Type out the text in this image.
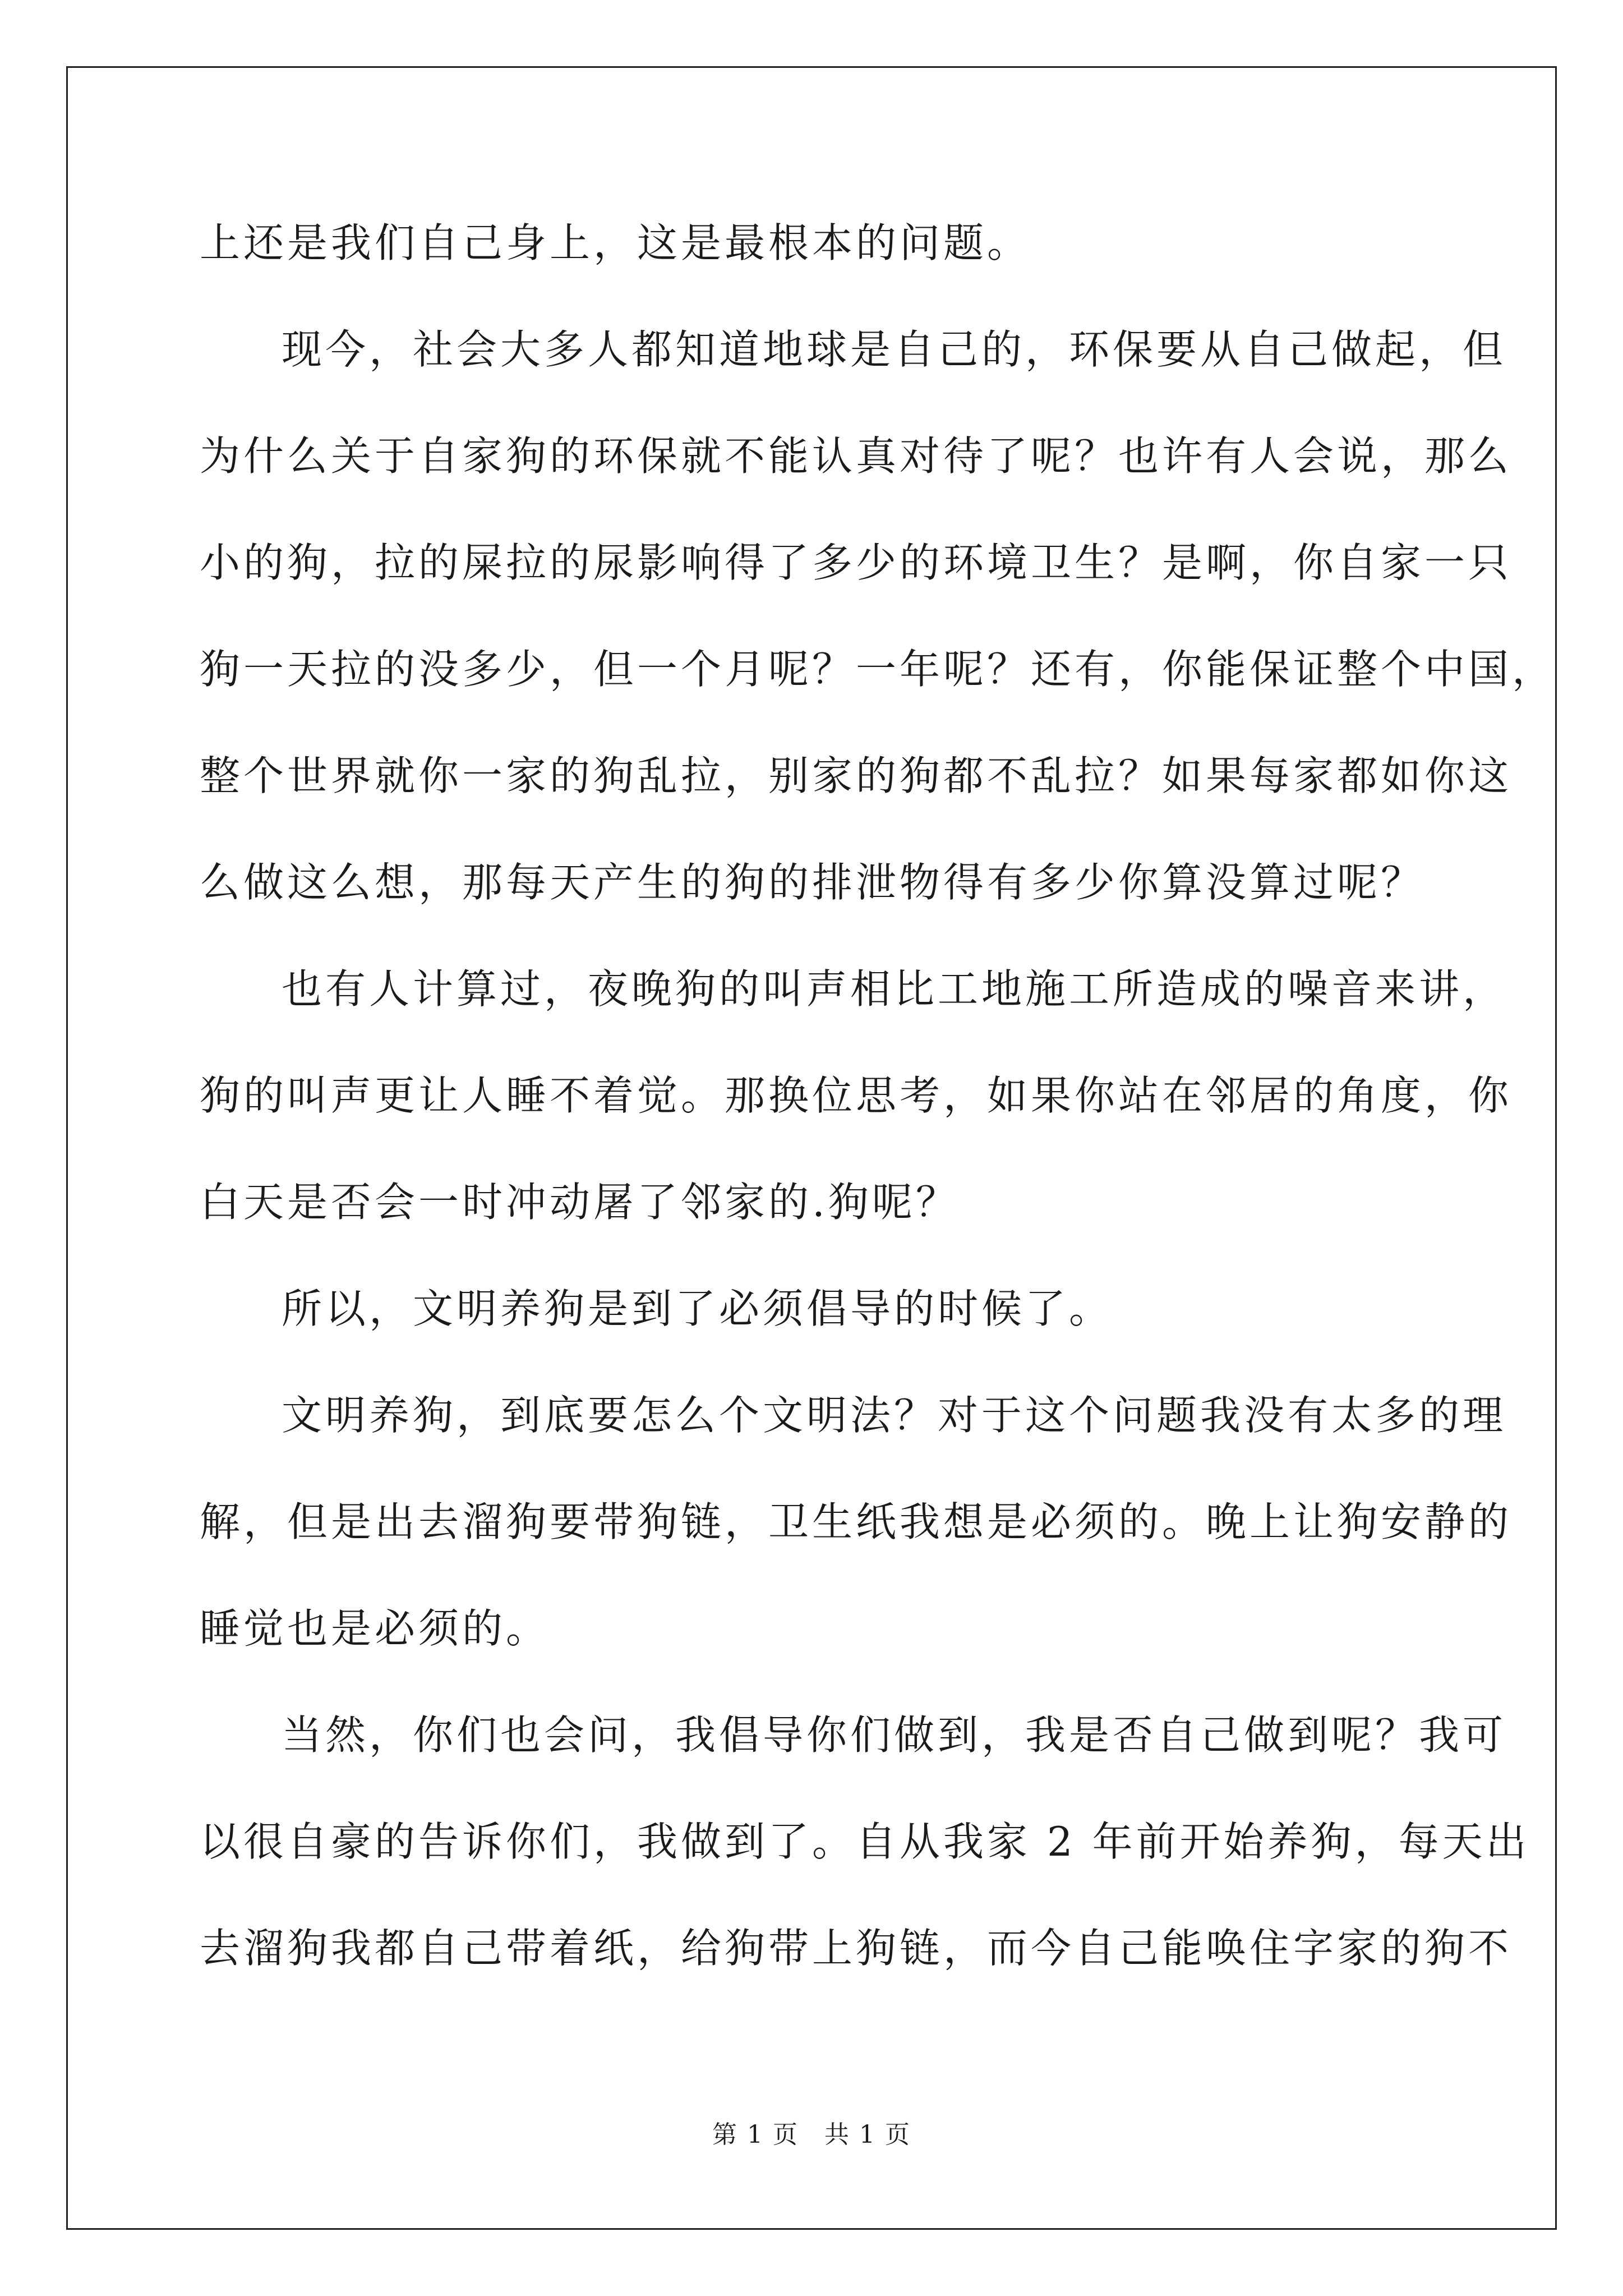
上还是我们自己身上，这是最根本的问题。
现今，社会大多人都知道地球是自己的，环保要从自己做起，但
为什么关于自家狗的环保就不能认真对待了呢？也许有人会说，那么
小的狗，拉的屎拉的尿影响得了多少的环境卫生？是啊，你自家一只
狗一天拉的没多少，但一个月呢？一年呢？还有，你能保证整个中国，
整个世界就你一家的狗乱拉，别家的狗都不乱拉？如果每家都如你这
么做这么想，那每天产生的狗的排泄物得有多少你算没算过呢？
也有人计算过，夜晚狗的叫声相比工地施工所造成的噪音来讲，
狗的叫声更让人睡不着觉。那换位思考，如果你站在邻居的角度，你
白天是否会一时冲动屠了邻家的.狗呢？
所以，文明养狗是到了必须倡导的时候了。
文明养狗，到底要怎么个文明法？对于这个问题我没有太多的理
解，但是出去溜狗要带狗链，卫生纸我想是必须的。晚上让狗安静的
睡觉也是必须的。
当然，你们也会问，我倡导你们做到，我是否自己做到呢？我可
以很自豪的告诉你们，我做到了。自从我家 2 年前开始养狗，每天出
去溜狗我都自己带着纸，给狗带上狗链，而今自己能唤住字家的狗不
第 1 页　共 1 页
